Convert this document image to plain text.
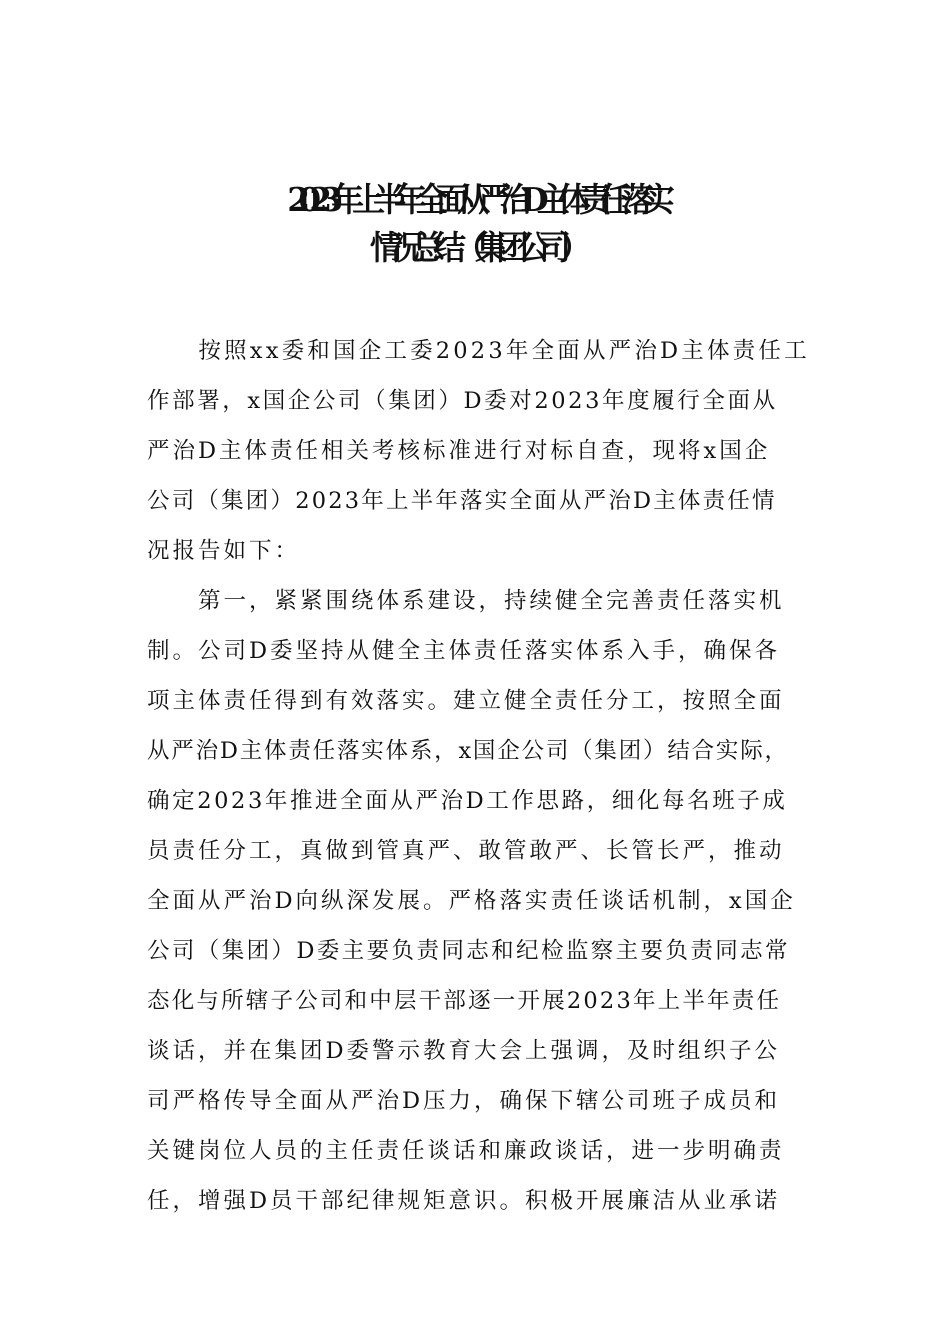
2023年上半年全面从严治D主体责任落实
情况总结（集团公司）
　　按照xx委和国企工委2023年全面从严治D主体责任工
作部署，x国企公司（集团）D委对2023年度履行全面从
严治D主体责任相关考核标准进行对标自查，现将x国企
公司（集团）2023年上半年落实全面从严治D主体责任情
况报告如下：
　　第一，紧紧围绕体系建设，持续健全完善责任落实机
制。公司D委坚持从健全主体责任落实体系入手，确保各
项主体责任得到有效落实。建立健全责任分工，按照全面
从严治D主体责任落实体系，x国企公司（集团）结合实际，
确定2023年推进全面从严治D工作思路，细化每名班子成
员责任分工，真做到管真严、敢管敢严、长管长严，推动
全面从严治D向纵深发展。严格落实责任谈话机制，x国企
公司（集团）D委主要负责同志和纪检监察主要负责同志常
态化与所辖子公司和中层干部逐一开展2023年上半年责任
谈话，并在集团D委警示教育大会上强调，及时组织子公
司严格传导全面从严治D压力，确保下辖公司班子成员和
关键岗位人员的主任责任谈话和廉政谈话，进一步明确责
任，增强D员干部纪律规矩意识。积极开展廉洁从业承诺
